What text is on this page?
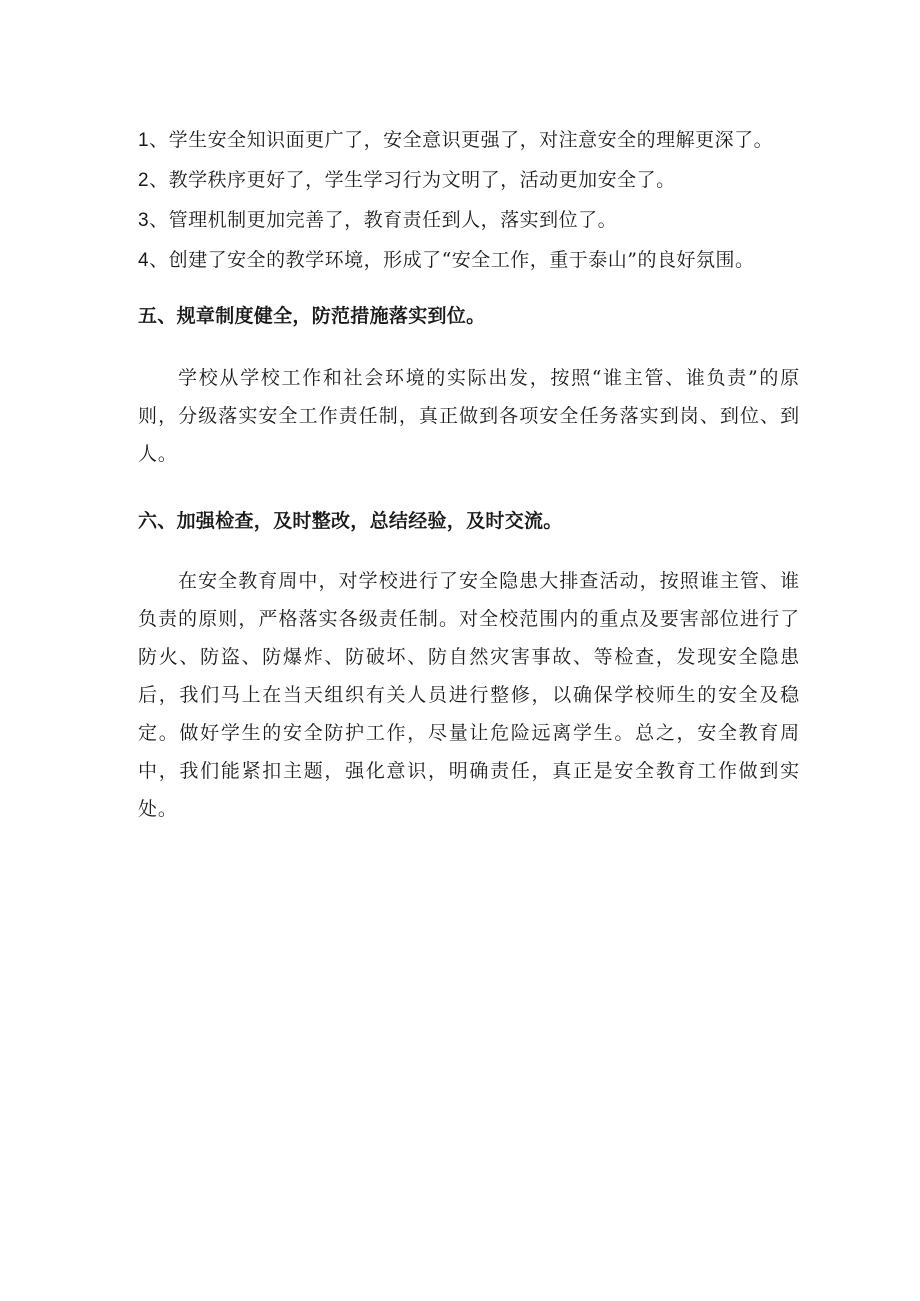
1、学生安全知识面更广了，安全意识更强了，对注意安全的理解更深了。
2、教学秩序更好了，学生学习行为文明了，活动更加安全了。
3、管理机制更加完善了，教育责任到人，落实到位了。
4、创建了安全的教学环境，形成了“安全工作，重于泰山”的良好氛围。
五、规章制度健全，防范措施落实到位。

学校从学校工作和社会环境的实际出发，按照“谁主管、谁负责”的原则，分级落实安全工作责任制，真正做到各项安全任务落实到岗、到位、到人。

六、加强检查，及时整改，总结经验，及时交流。

在安全教育周中，对学校进行了安全隐患大排查活动，按照谁主管、谁负责的原则，严格落实各级责任制。对全校范围内的重点及要害部位进行了防火、防盗、防爆炸、防破坏、防自然灾害事故、等检查，发现安全隐患后，我们马上在当天组织有关人员进行整修，以确保学校师生的安全及稳定。做好学生的安全防护工作，尽量让危险远离学生。总之，安全教育周中，我们能紧扣主题，强化意识，明确责任，真正是安全教育工作做到实处。
